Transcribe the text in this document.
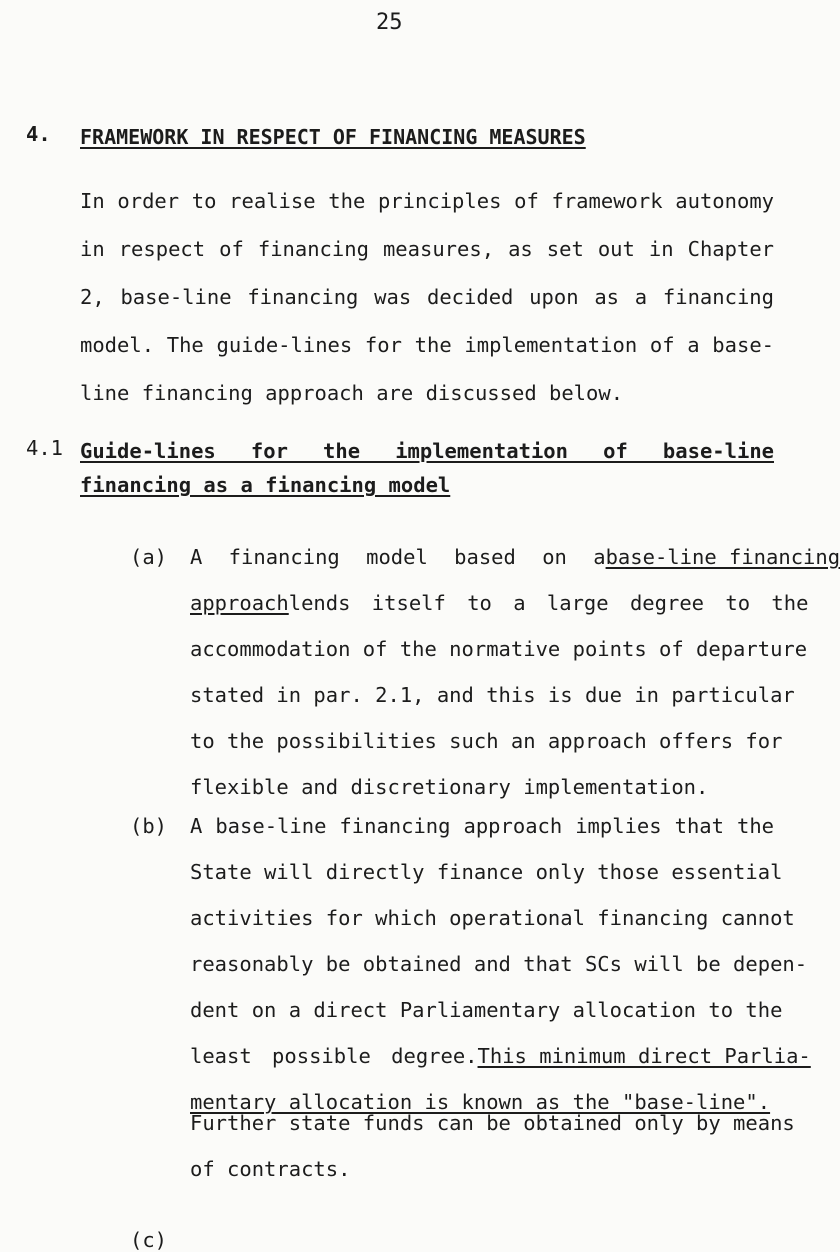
25
4. FRAMEWORK IN RESPECT OF FINANCING MEASURES
In order to realise the principles of framework autonomy
in respect of financing measures, as set out in Chapter
2, base-line financing was decided upon as a financing
model. The guide-lines for the implementation of a base-
line financing approach are discussed below.
4.1 Guide-lines for the implementation of base-line
financing as a financing model
(a) A financing model based on a base-line financing
approach lends itself to a large degree to the
accommodation of the normative points of departure
stated in par. 2.1, and this is due in particular
to the possibilities such an approach offers for
flexible and discretionary implementation.
(b) A base-line financing approach implies that the
State will directly finance only those essential
activities for which operational financing cannot
reasonably be obtained and that SCs will be depen-
dent on a direct Parliamentary allocation to the
least possible degree. This minimum direct Parlia-
mentary allocation is known as the "base-line".
Further state funds can be obtained only by means
of contracts.
(c)
